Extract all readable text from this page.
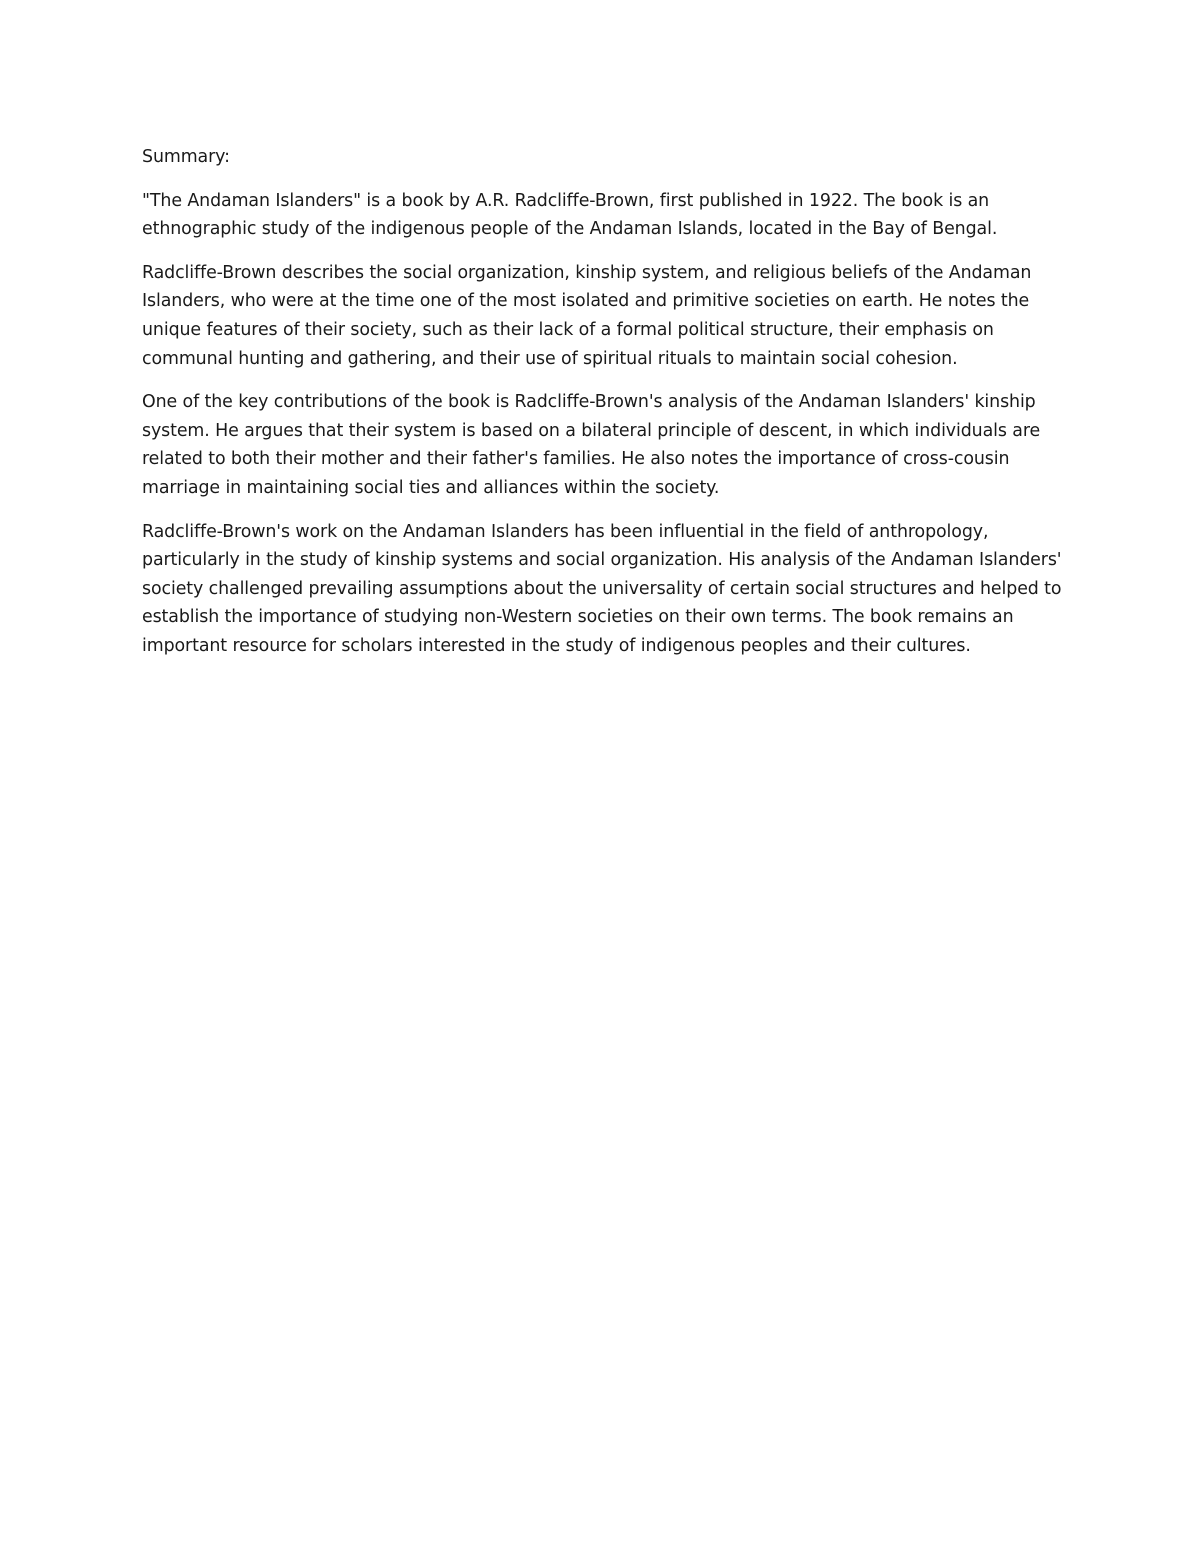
Summary:

"The Andaman Islanders" is a book by A.R. Radcliffe-Brown, first published in 1922. The book is an ethnographic study of the indigenous people of the Andaman Islands, located in the Bay of Bengal.

Radcliffe-Brown describes the social organization, kinship system, and religious beliefs of the Andaman Islanders, who were at the time one of the most isolated and primitive societies on earth. He notes the unique features of their society, such as their lack of a formal political structure, their emphasis on communal hunting and gathering, and their use of spiritual rituals to maintain social cohesion.

One of the key contributions of the book is Radcliffe-Brown's analysis of the Andaman Islanders' kinship system. He argues that their system is based on a bilateral principle of descent, in which individuals are related to both their mother and their father's families. He also notes the importance of cross-cousin marriage in maintaining social ties and alliances within the society.

Radcliffe-Brown's work on the Andaman Islanders has been influential in the field of anthropology, particularly in the study of kinship systems and social organization. His analysis of the Andaman Islanders' society challenged prevailing assumptions about the universality of certain social structures and helped to establish the importance of studying non-Western societies on their own terms. The book remains an important resource for scholars interested in the study of indigenous peoples and their cultures.
